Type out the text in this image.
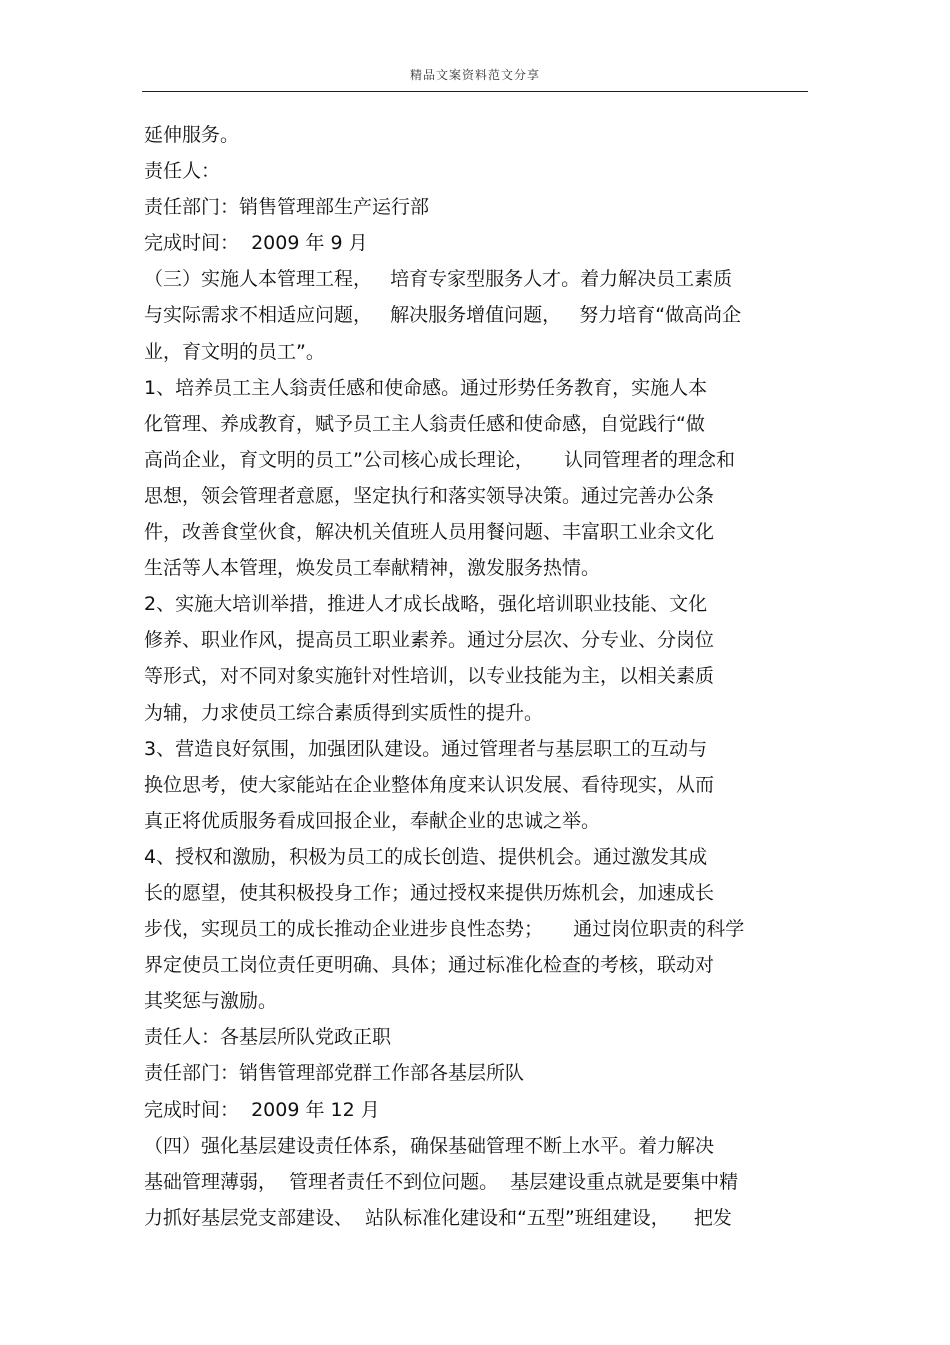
精品文案资料范文分享
延伸服务。
责任人：
责任部门：销售管理部生产运行部
完成时间：  2009 年 9 月
（三）实施人本管理工程，   培育专家型服务人才。着力解决员工素质
与实际需求不相适应问题，   解决服务增值问题，   努力培育“做高尚企
业，育文明的员工”。
1、培养员工主人翁责任感和使命感。通过形势任务教育，实施人本
化管理、养成教育，赋予员工主人翁责任感和使命感，自觉践行“做
高尚企业，育文明的员工”公司核心成长理论，     认同管理者的理念和
思想，领会管理者意愿，坚定执行和落实领导决策。通过完善办公条
件，改善食堂伙食，解决机关值班人员用餐问题、丰富职工业余文化
生活等人本管理，焕发员工奉献精神，激发服务热情。
2、实施大培训举措，推进人才成长战略，强化培训职业技能、文化
修养、职业作风，提高员工职业素养。通过分层次、分专业、分岗位
等形式，对不同对象实施针对性培训，以专业技能为主，以相关素质
为辅，力求使员工综合素质得到实质性的提升。
3、营造良好氛围，加强团队建设。通过管理者与基层职工的互动与
换位思考，使大家能站在企业整体角度来认识发展、看待现实，从而
真正将优质服务看成回报企业，奉献企业的忠诚之举。
4、授权和激励，积极为员工的成长创造、提供机会。通过激发其成
长的愿望，使其积极投身工作；通过授权来提供历炼机会，加速成长
步伐，实现员工的成长推动企业进步良性态势；     通过岗位职责的科学
界定使员工岗位责任更明确、具体；通过标准化检查的考核，联动对
其奖惩与激励。
责任人：各基层所队党政正职
责任部门：销售管理部党群工作部各基层所队
完成时间：  2009 年 12 月
（四）强化基层建设责任体系，确保基础管理不断上水平。着力解决
基础管理薄弱，  管理者责任不到位问题。  基层建设重点就是要集中精
力抓好基层党支部建设、  站队标准化建设和“五型”班组建设，    把发
